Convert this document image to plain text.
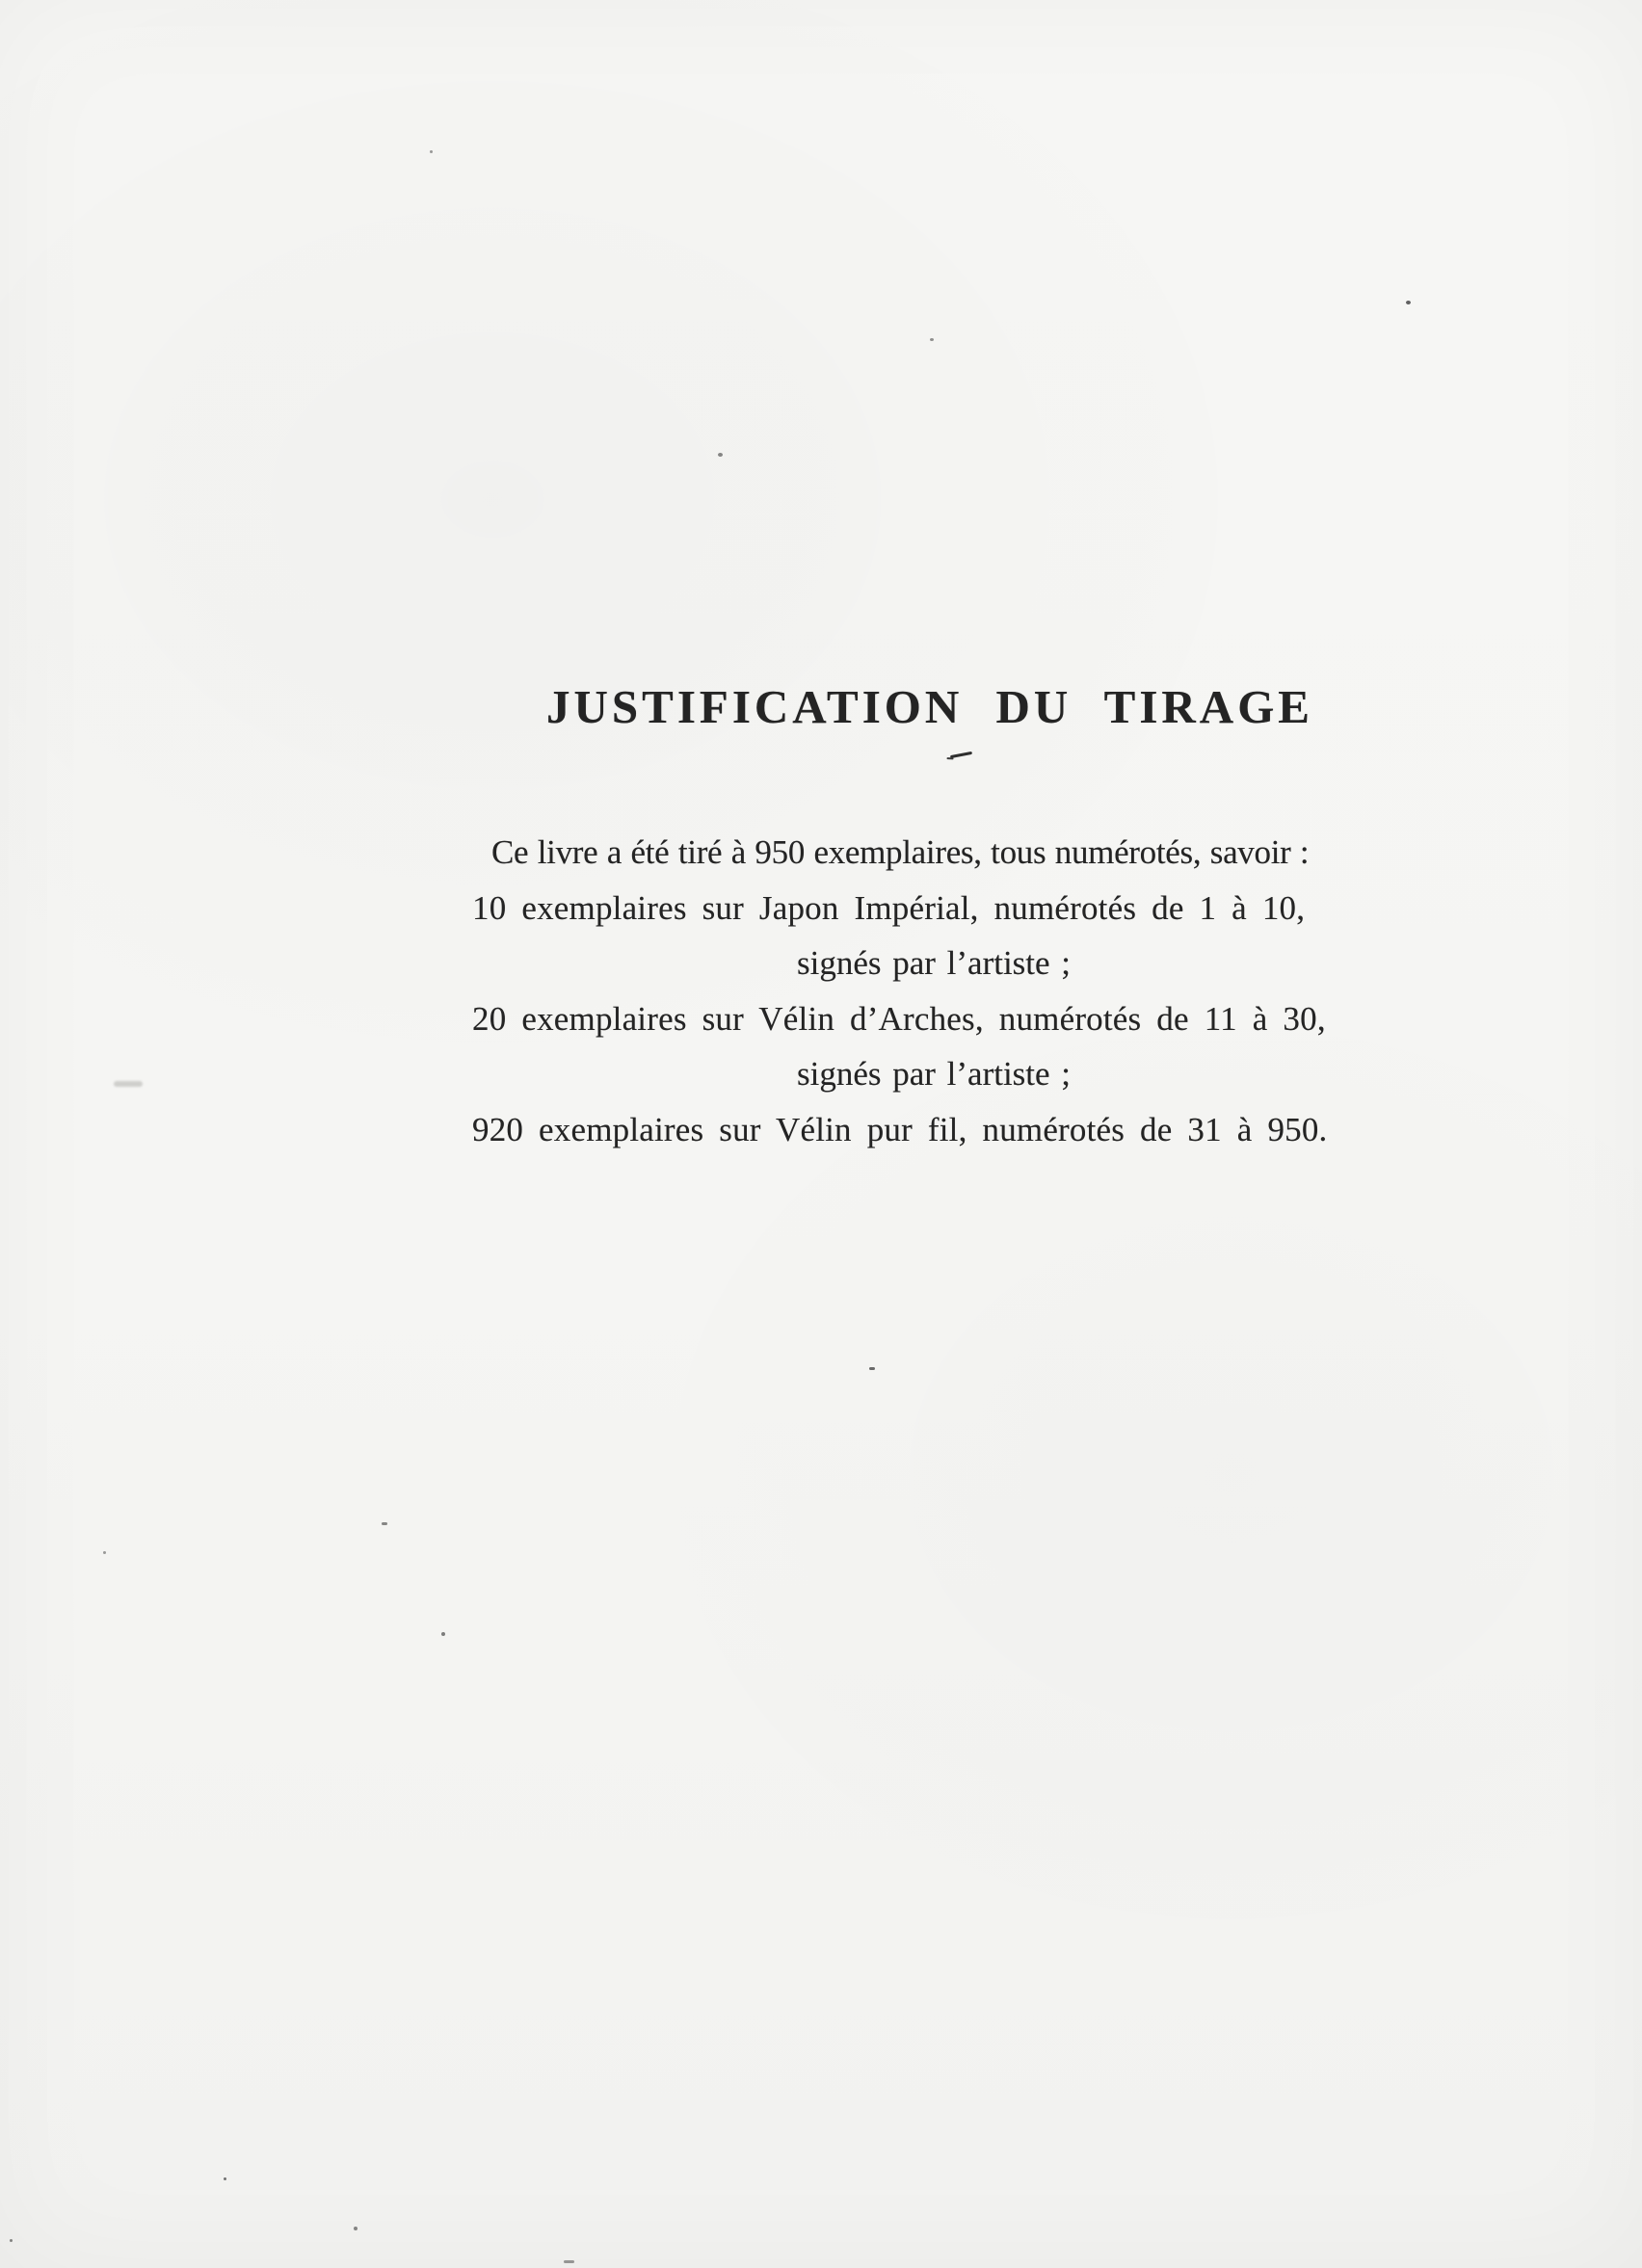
JUSTIFICATION DU TIRAGE

Ce livre a été tiré à 950 exemplaires, tous numérotés, savoir :

10 exemplaires sur Japon Impérial, numérotés de 1 à 10,

signés par l’artiste ;

20 exemplaires sur Vélin d’Arches, numérotés de 11 à 30,

signés par l’artiste ;

920 exemplaires sur Vélin pur fil, numérotés de 31 à 950.
